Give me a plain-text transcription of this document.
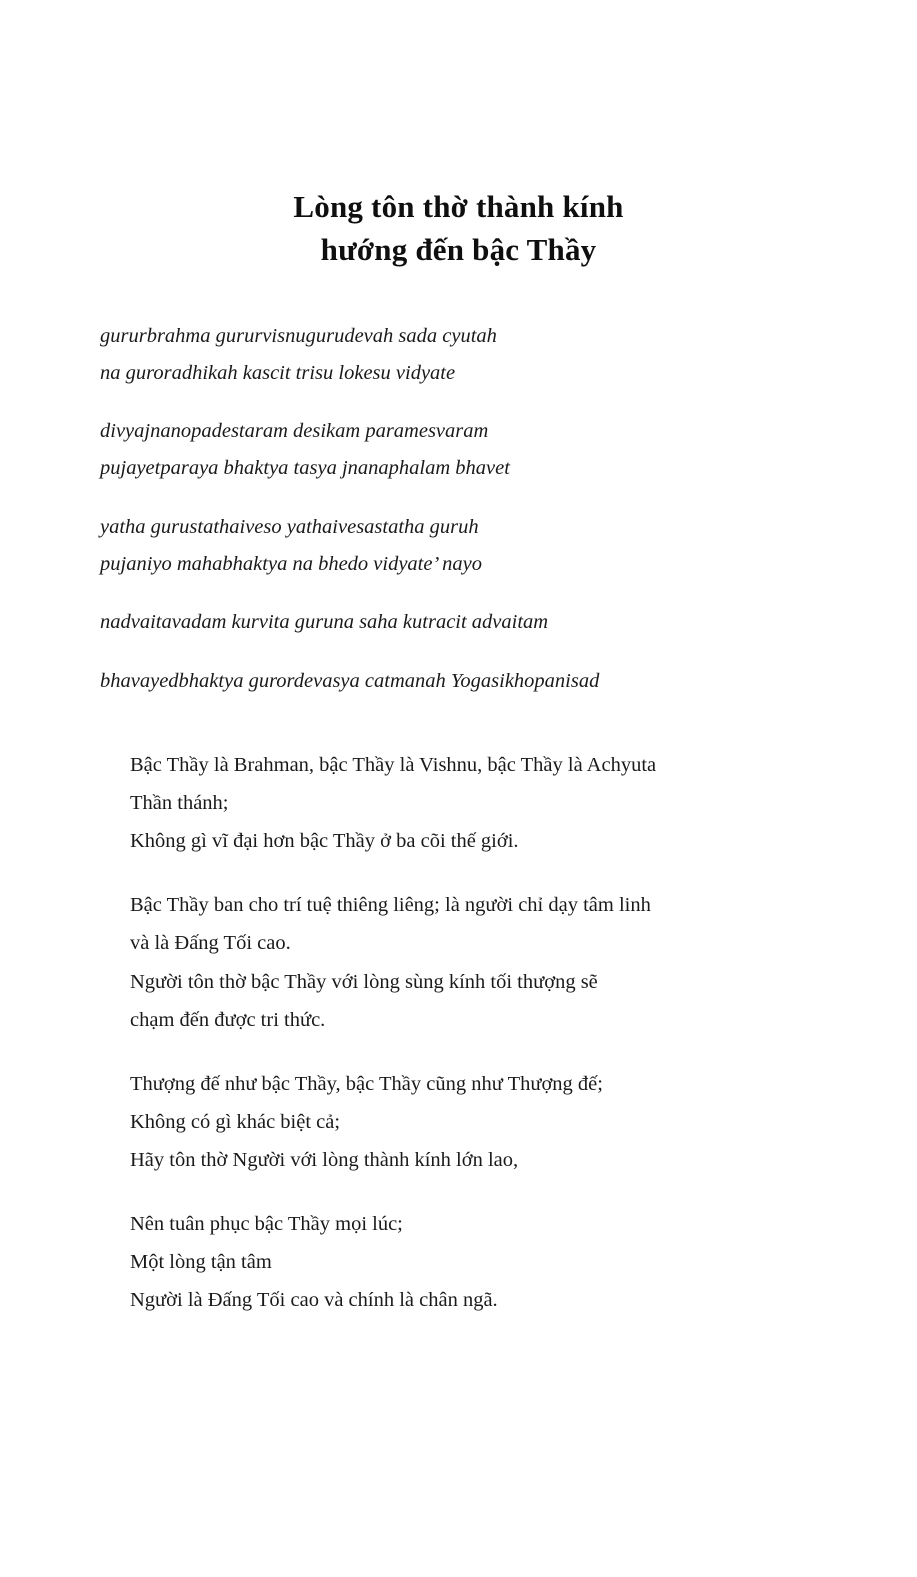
Lòng tôn thờ thành kính
hướng đến bậc Thầy
gururbrahma gururvisnugurudevah sada cyutah
na guroradhikah kascit trisu lokesu vidyate
divyajnanopadestaram desikam paramesvaram
pujayetparaya bhaktya tasya jnanaphalam bhavet
yatha gurustathaiveso yathaivesastatha guruh
pujaniyo mahabhaktya na bhedo vidyate’ nayo
nadvaitavadam kurvita guruna saha kutracit advaitam
bhavayedbhaktya gurordevasya catmanah Yogasikhopanisad
Bậc Thầy là Brahman, bậc Thầy là Vishnu, bậc Thầy là Achyuta
Thần thánh;
Không gì vĩ đại hơn bậc Thầy ở ba cõi thế giới.
Bậc Thầy ban cho trí tuệ thiêng liêng; là người chỉ dạy tâm linh
và là Đấng Tối cao.
Người tôn thờ bậc Thầy với lòng sùng kính tối thượng sẽ
chạm đến được tri thức.
Thượng đế như bậc Thầy, bậc Thầy cũng như Thượng đế;
Không có gì khác biệt cả;
Hãy tôn thờ Người với lòng thành kính lớn lao,
Nên tuân phục bậc Thầy mọi lúc;
Một lòng tận tâm
Người là Đấng Tối cao và chính là chân ngã.
